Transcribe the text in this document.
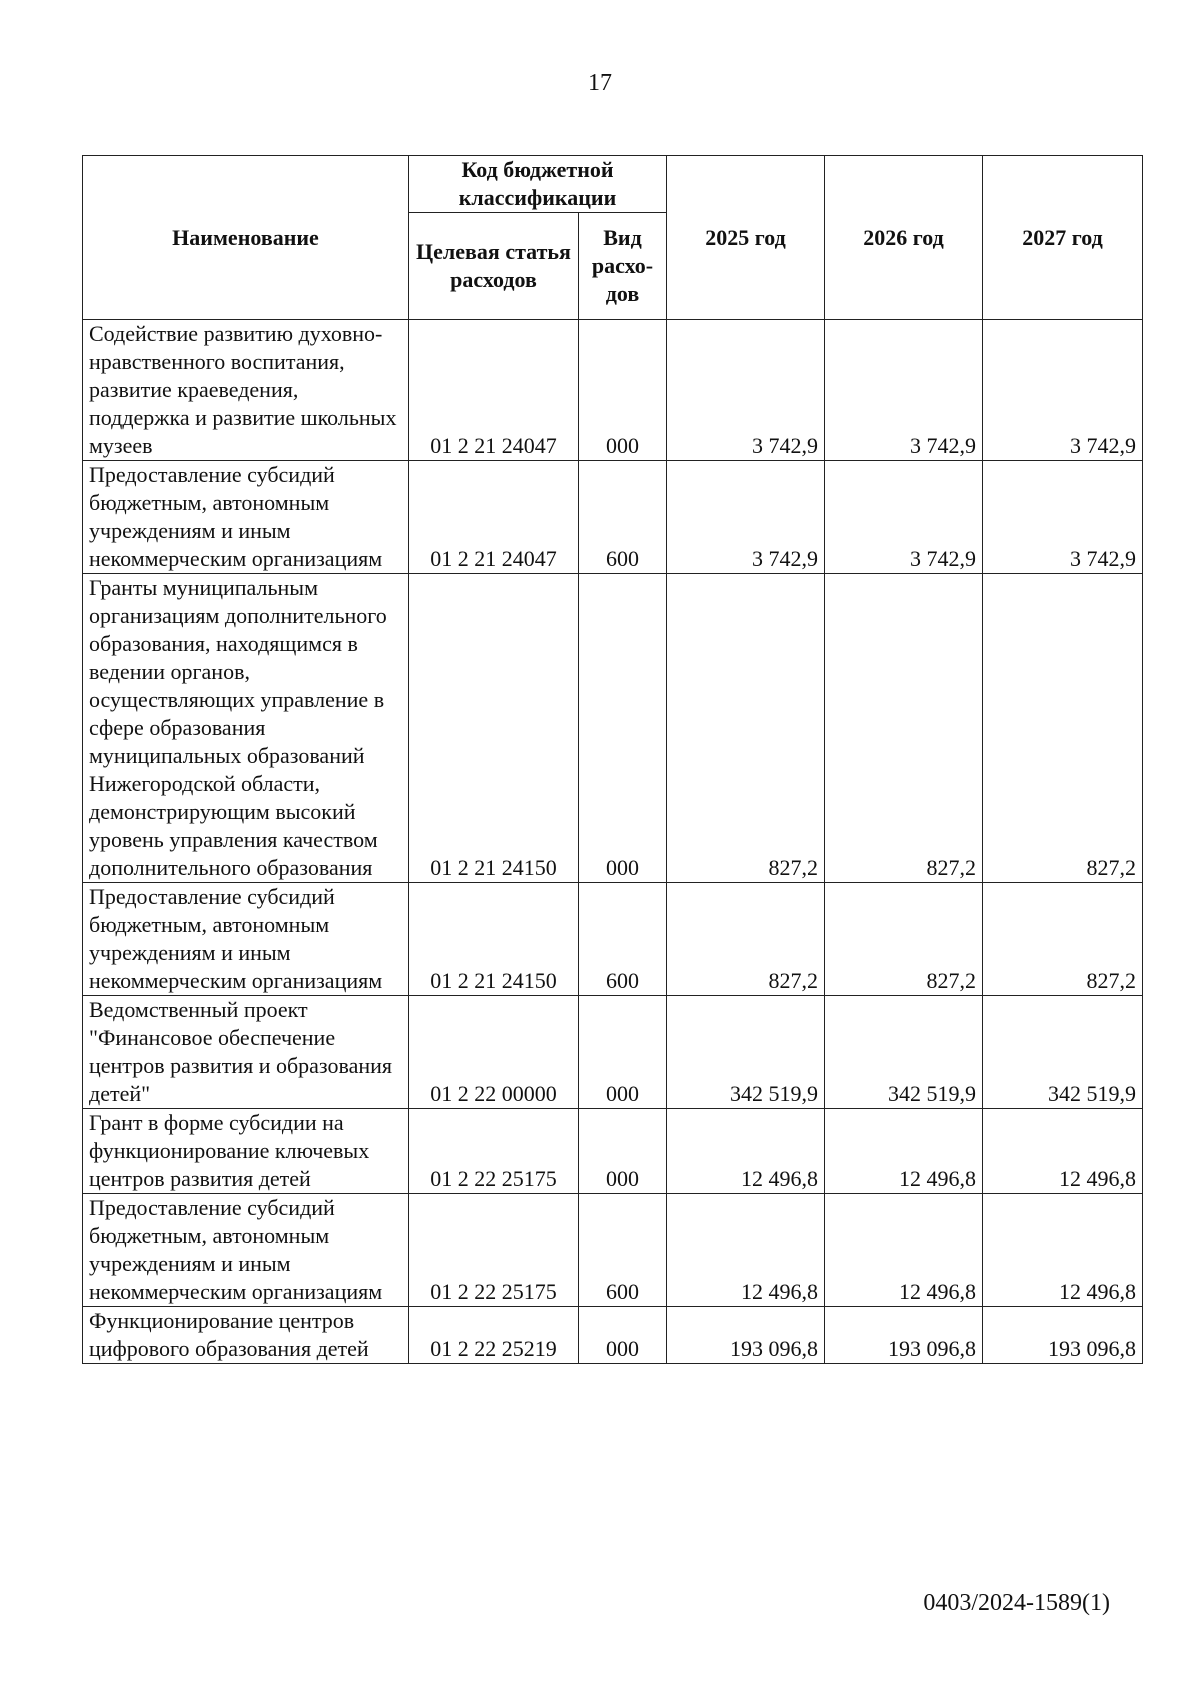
17
Наименование	Код бюджетной классификации		2025 год	2026 год	2027 год
	Целевая статья расходов	Вид расхо-дов			
Содействие развитию духовно-нравственного воспитания, развитие краеведения, поддержка и развитие школьных музеев	01 2 21 24047	000	3 742,9	3 742,9	3 742,9
Предоставление субсидий бюджетным, автономным учреждениям и иным некоммерческим организациям	01 2 21 24047	600	3 742,9	3 742,9	3 742,9
Гранты муниципальным организациям дополнительного образования, находящимся в ведении органов, осуществляющих управление в сфере образования муниципальных образований Нижегородской области, демонстрирующим высокий уровень управления качеством дополнительного образования	01 2 21 24150	000	827,2	827,2	827,2
Предоставление субсидий бюджетным, автономным учреждениям и иным некоммерческим организациям	01 2 21 24150	600	827,2	827,2	827,2
Ведомственный проект "Финансовое обеспечение центров развития и образования детей"	01 2 22 00000	000	342 519,9	342 519,9	342 519,9
Грант в форме субсидии на функционирование ключевых центров развития детей	01 2 22 25175	000	12 496,8	12 496,8	12 496,8
Предоставление субсидий бюджетным, автономным учреждениям и иным некоммерческим организациям	01 2 22 25175	600	12 496,8	12 496,8	12 496,8
Функционирование центров цифрового образования детей	01 2 22 25219	000	193 096,8	193 096,8	193 096,8
0403/2024-1589(1)
